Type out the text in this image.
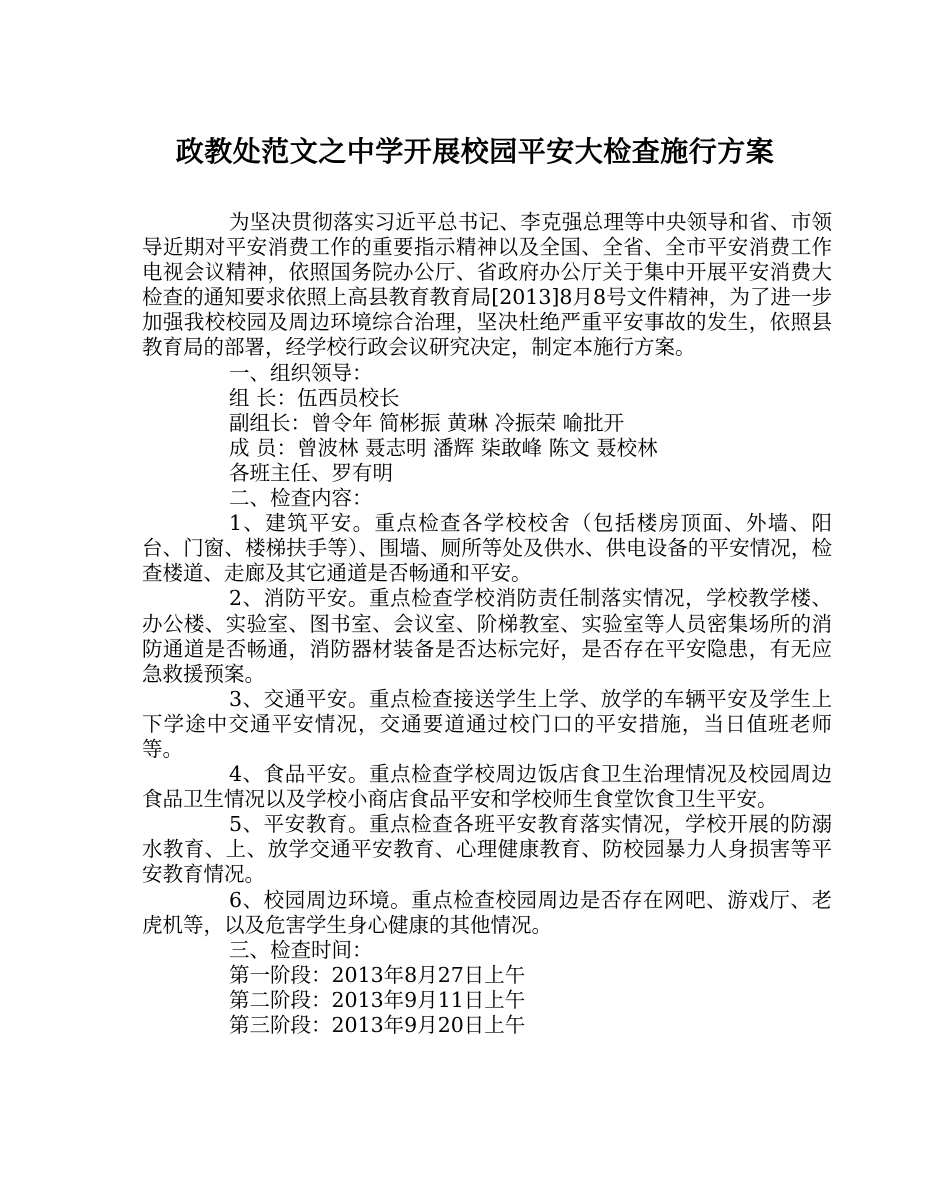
政教处范文之中学开展校园平安大检查施行方案

为坚决贯彻落实习近平总书记、李克强总理等中央领导和省、市领导近期对平安消费工作的重要指示精神以及全国、全省、全市平安消费工作电视会议精神，依照国务院办公厅、省政府办公厅关于集中开展平安消费大检查的通知要求依照上高县教育教育局[2013]8月8号文件精神，为了进一步加强我校校园及周边环境综合治理，坚决杜绝严重平安事故的发生，依照县教育局的部署，经学校行政会议研究决定，制定本施行方案。

一、组织领导：

组 长：伍西员校长

副组长：曾令年 简彬振 黄琳 冷振荣 喻批开

成 员：曾波林 聂志明 潘辉 柒敢峰 陈文 聂校林

各班主任、罗有明

二、检查内容：

1、建筑平安。重点检查各学校校舍（包括楼房顶面、外墙、阳台、门窗、楼梯扶手等）、围墙、厕所等处及供水、供电设备的平安情况，检查楼道、走廊及其它通道是否畅通和平安。

2、消防平安。重点检查学校消防责任制落实情况，学校教学楼、办公楼、实验室、图书室、会议室、阶梯教室、实验室等人员密集场所的消防通道是否畅通，消防器材装备是否达标完好，是否存在平安隐患，有无应急救援预案。

3、交通平安。重点检查接送学生上学、放学的车辆平安及学生上下学途中交通平安情况，交通要道通过校门口的平安措施，当日值班老师等。

4、食品平安。重点检查学校周边饭店食卫生治理情况及校园周边食品卫生情况以及学校小商店食品平安和学校师生食堂饮食卫生平安。

5、平安教育。重点检查各班平安教育落实情况，学校开展的防溺水教育、上、放学交通平安教育、心理健康教育、防校园暴力人身损害等平安教育情况。

6、校园周边环境。重点检查校园周边是否存在网吧、游戏厅、老虎机等，以及危害学生身心健康的其他情况。

三、检查时间：

第一阶段：2013年8月27日上午

第二阶段：2013年9月11日上午

第三阶段：2013年9月20日上午
